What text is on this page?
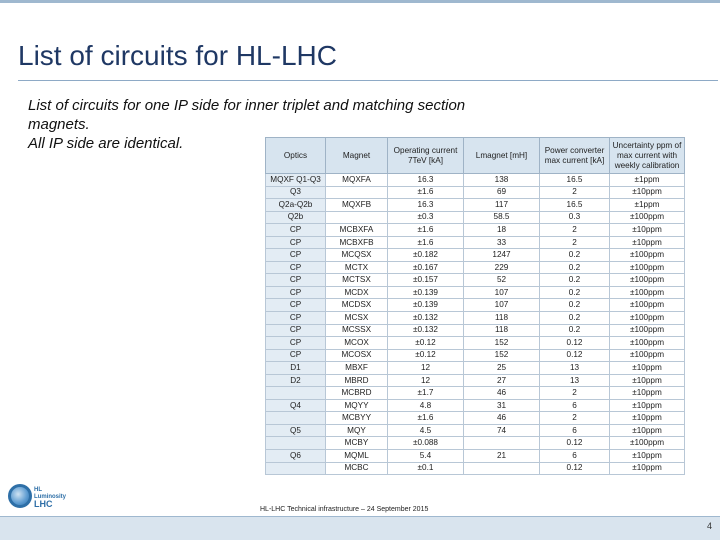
List of circuits for HL-LHC
List of circuits for one IP side for inner triplet and matching section
magnets.
All IP side are identical.
Optics	Magnet	Operating current 7TeV [kA]	Lmagnet [mH]	Power converter max current [kA]	Uncertainty ppm of max current with weekly calibration
MQXF Q1-Q3	MQXFA	16.3	138	16.5	±1ppm
Q3		±1.6	69	2	±10ppm
Q2a-Q2b	MQXFB	16.3	117	16.5	±1ppm
Q2b		±0.3	58.5	0.3	±100ppm
CP	MCBXFA	±1.6	18	2	±10ppm
CP	MCBXFB	±1.6	33	2	±10ppm
CP	MCQSX	±0.182	1247	0.2	±100ppm
CP	MCTX	±0.167	229	0.2	±100ppm
CP	MCTSX	±0.157	52	0.2	±100ppm
CP	MCDX	±0.139	107	0.2	±100ppm
CP	MCDSX	±0.139	107	0.2	±100ppm
CP	MCSX	±0.132	118	0.2	±100ppm
CP	MCSSX	±0.132	118	0.2	±100ppm
CP	MCOX	±0.12	152	0.12	±100ppm
CP	MCOSX	±0.12	152	0.12	±100ppm
D1	MBXF	12	25	13	±10ppm
D2	MBRD	12	27	13	±10ppm
	MCBRD	±1.7	46	2	±10ppm
Q4	MQYY	4.8	31	6	±10ppm
	MCBYY	±1.6	46	2	±10ppm
Q5	MQY	4.5	74	6	±10ppm
	MCBY	±0.088		0.12	±100ppm
Q6	MQML	5.4	21	6	±10ppm
	MCBC	±0.1		0.12	±10ppm
HL-LHC Technical infrastructure – 24 September 2015
4
HL
Luminosity
LHC
